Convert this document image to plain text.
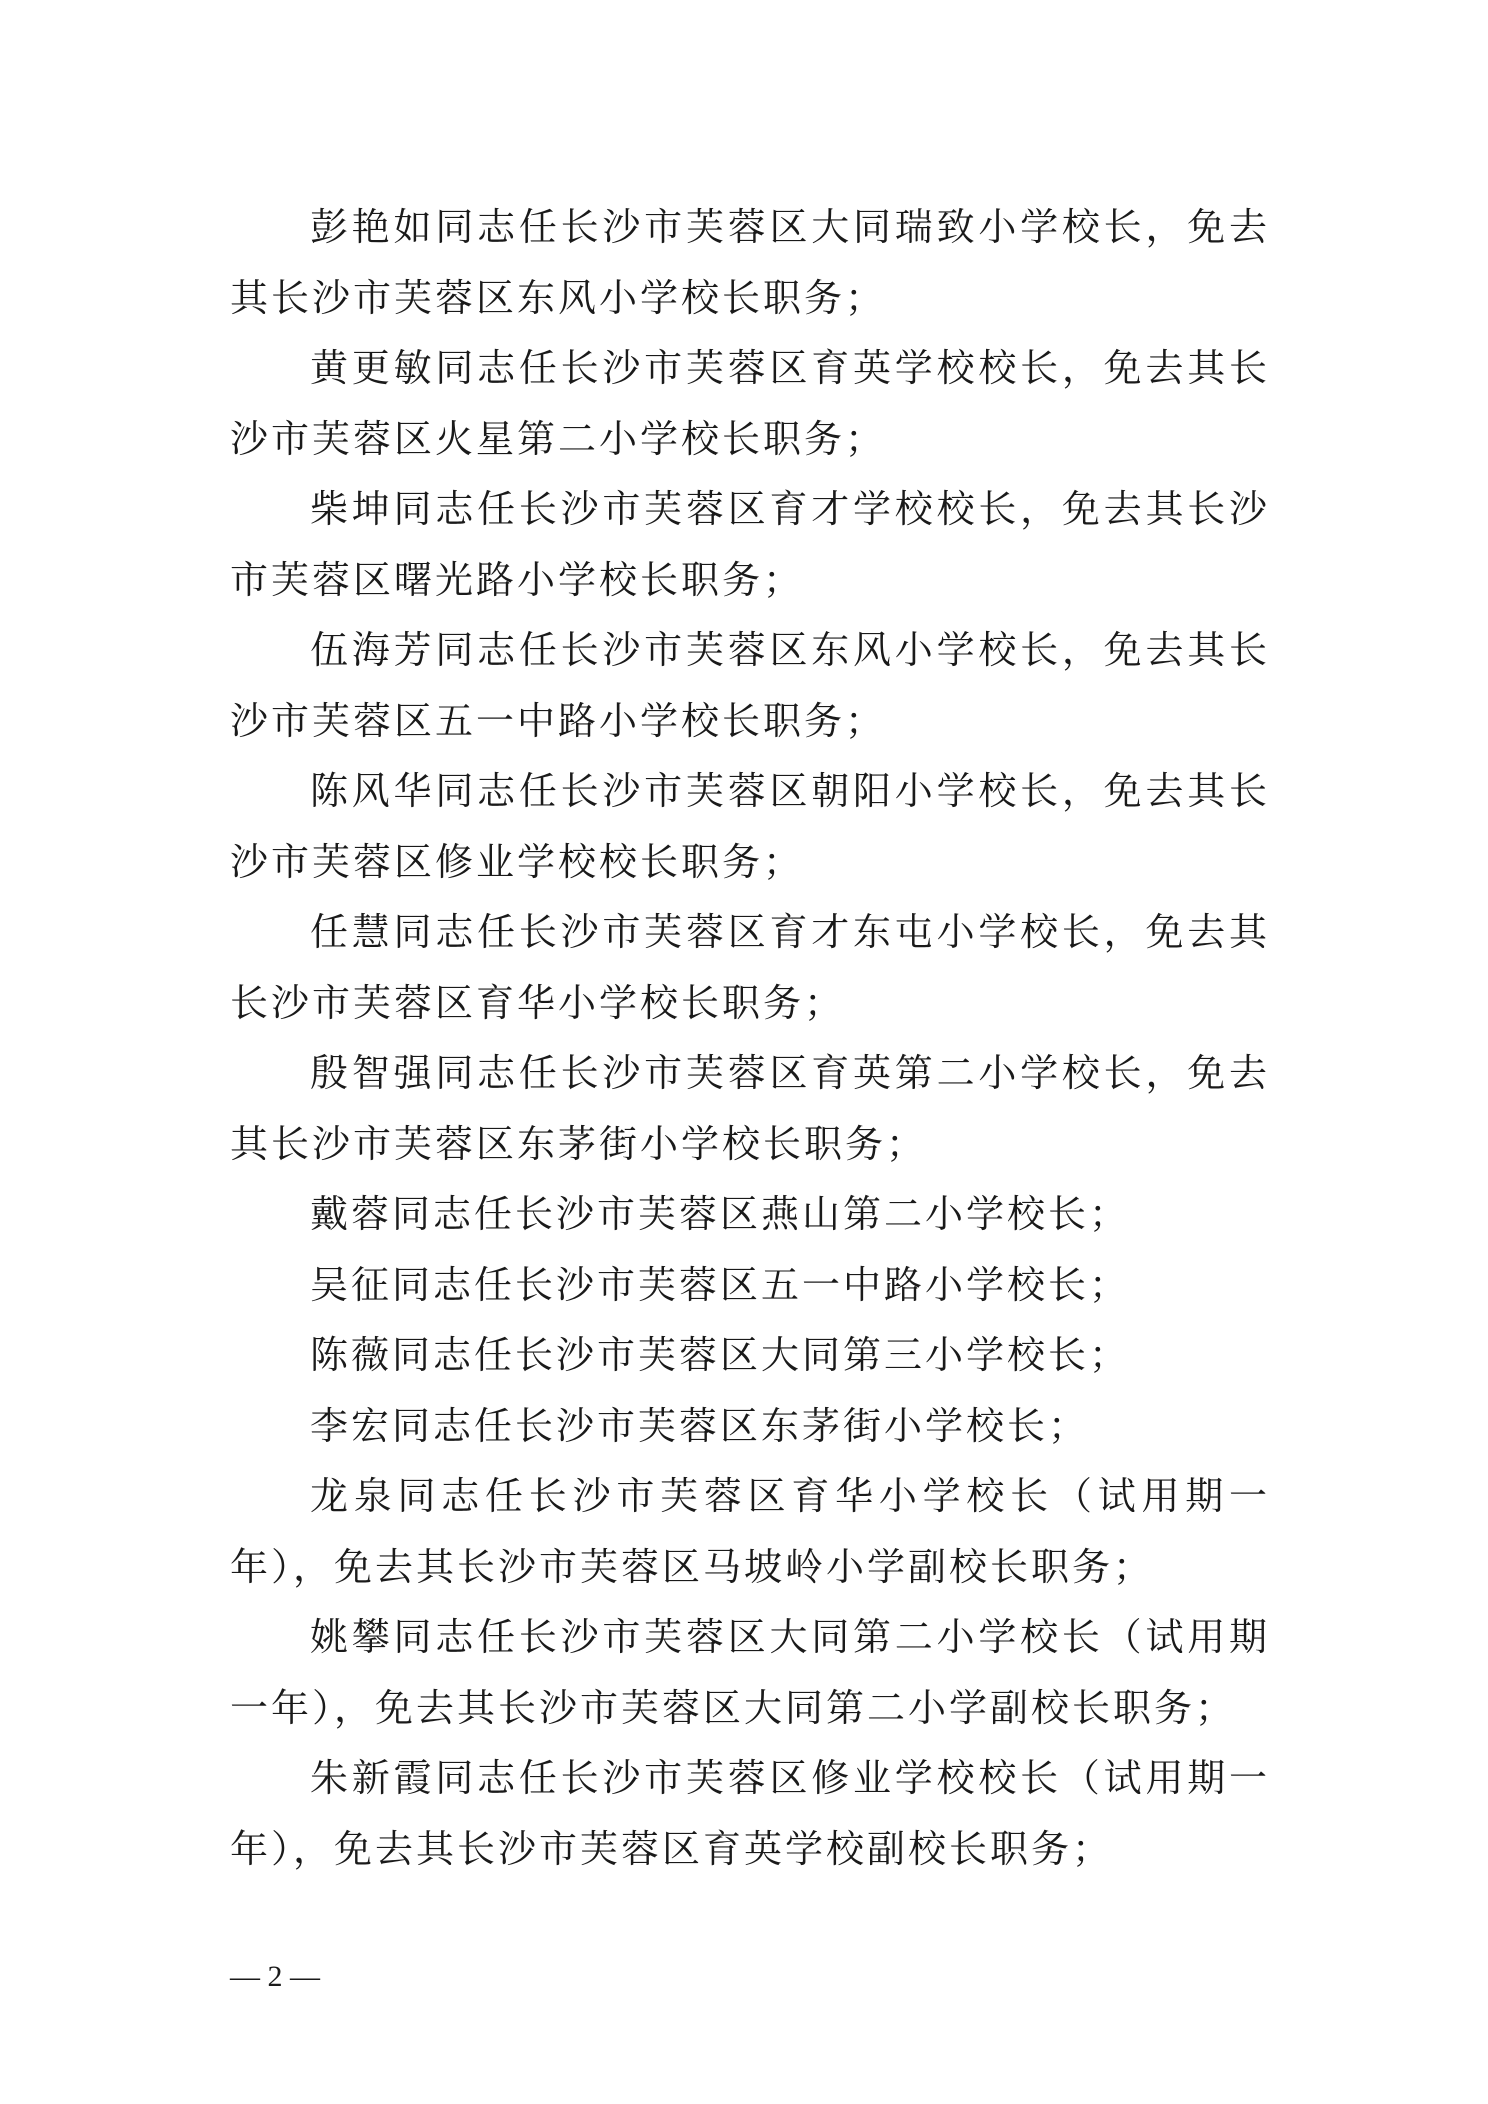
彭艳如同志任长沙市芙蓉区大同瑞致小学校长，免去其长沙市芙蓉区东风小学校长职务；

黄更敏同志任长沙市芙蓉区育英学校校长，免去其长沙市芙蓉区火星第二小学校长职务；

柴坤同志任长沙市芙蓉区育才学校校长，免去其长沙市芙蓉区曙光路小学校长职务；

伍海芳同志任长沙市芙蓉区东风小学校长，免去其长沙市芙蓉区五一中路小学校长职务；

陈风华同志任长沙市芙蓉区朝阳小学校长，免去其长沙市芙蓉区修业学校校长职务；

任慧同志任长沙市芙蓉区育才东屯小学校长，免去其长沙市芙蓉区育华小学校长职务；

殷智强同志任长沙市芙蓉区育英第二小学校长，免去其长沙市芙蓉区东茅街小学校长职务；

戴蓉同志任长沙市芙蓉区燕山第二小学校长；

吴征同志任长沙市芙蓉区五一中路小学校长；

陈薇同志任长沙市芙蓉区大同第三小学校长；

李宏同志任长沙市芙蓉区东茅街小学校长；

龙泉同志任长沙市芙蓉区育华小学校长（试用期一年），免去其长沙市芙蓉区马坡岭小学副校长职务；

姚攀同志任长沙市芙蓉区大同第二小学校长（试用期一年），免去其长沙市芙蓉区大同第二小学副校长职务；

朱新霞同志任长沙市芙蓉区修业学校校长（试用期一年），免去其长沙市芙蓉区育英学校副校长职务；

— 2 —
